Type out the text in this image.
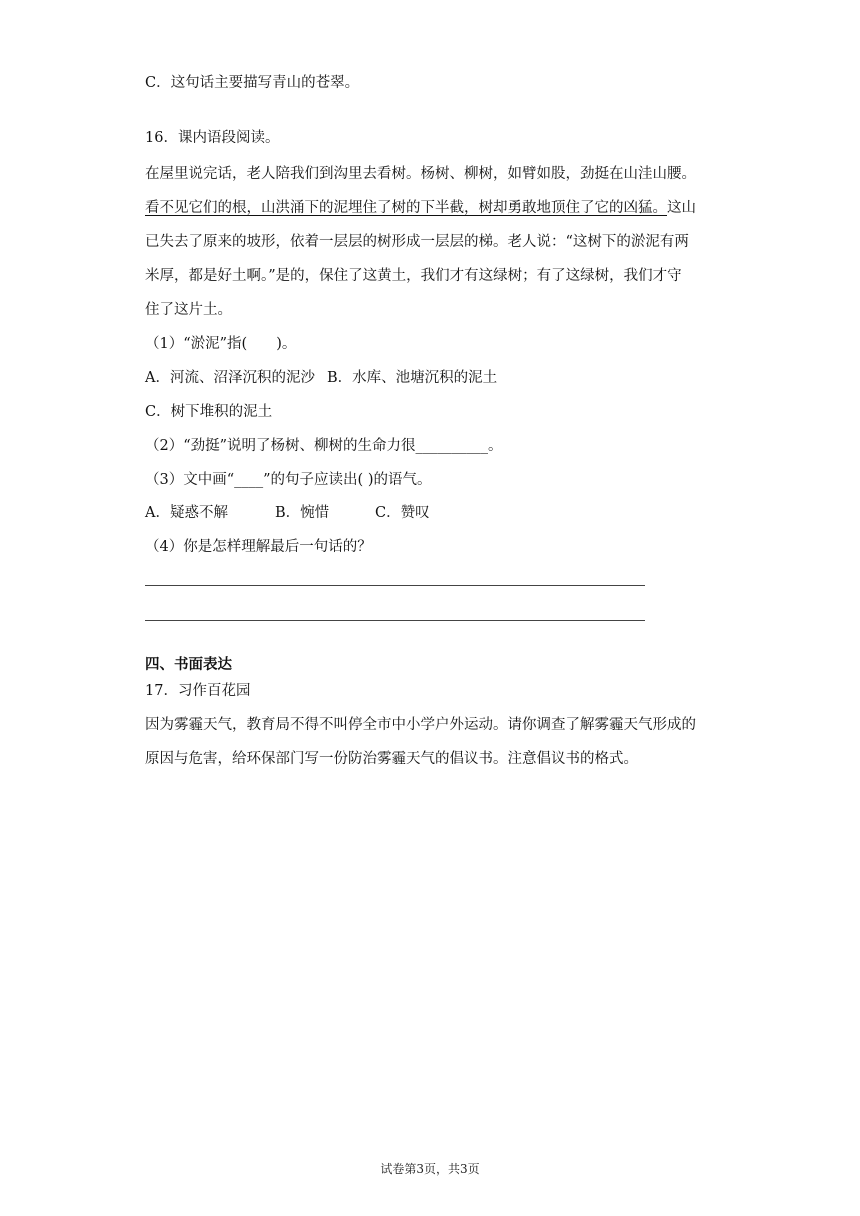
C．这句话主要描写青山的苍翠。
16．课内语段阅读。
在屋里说完话，老人陪我们到沟里去看树。杨树、柳树，如臂如股，劲挺在山洼山腰。
看不见它们的根，山洪涌下的泥埋住了树的下半截，树却勇敢地顶住了它的凶猛。这山
已失去了原来的坡形，依着一层层的树形成一层层的梯。老人说：“这树下的淤泥有两
米厚，都是好土啊。”是的，保住了这黄土，我们才有这绿树；有了这绿树，我们才守
住了这片土。
（1）“淤泥”指(　　)。
A．河流、沼泽沉积的泥沙 B．水库、池塘沉积的泥土
C．树下堆积的泥土
（2）“劲挺”说明了杨树、柳树的生命力很__________。
（3）文中画“____”的句子应读出( )的语气。
A．疑惑不解	B．惋惜	C．赞叹
（4）你是怎样理解最后一句话的？
四、书面表达
17．习作百花园
因为雾霾天气，教育局不得不叫停全市中小学户外运动。请你调查了解雾霾天气形成的
原因与危害，给环保部门写一份防治雾霾天气的倡议书。注意倡议书的格式。
试卷第3页，共3页
